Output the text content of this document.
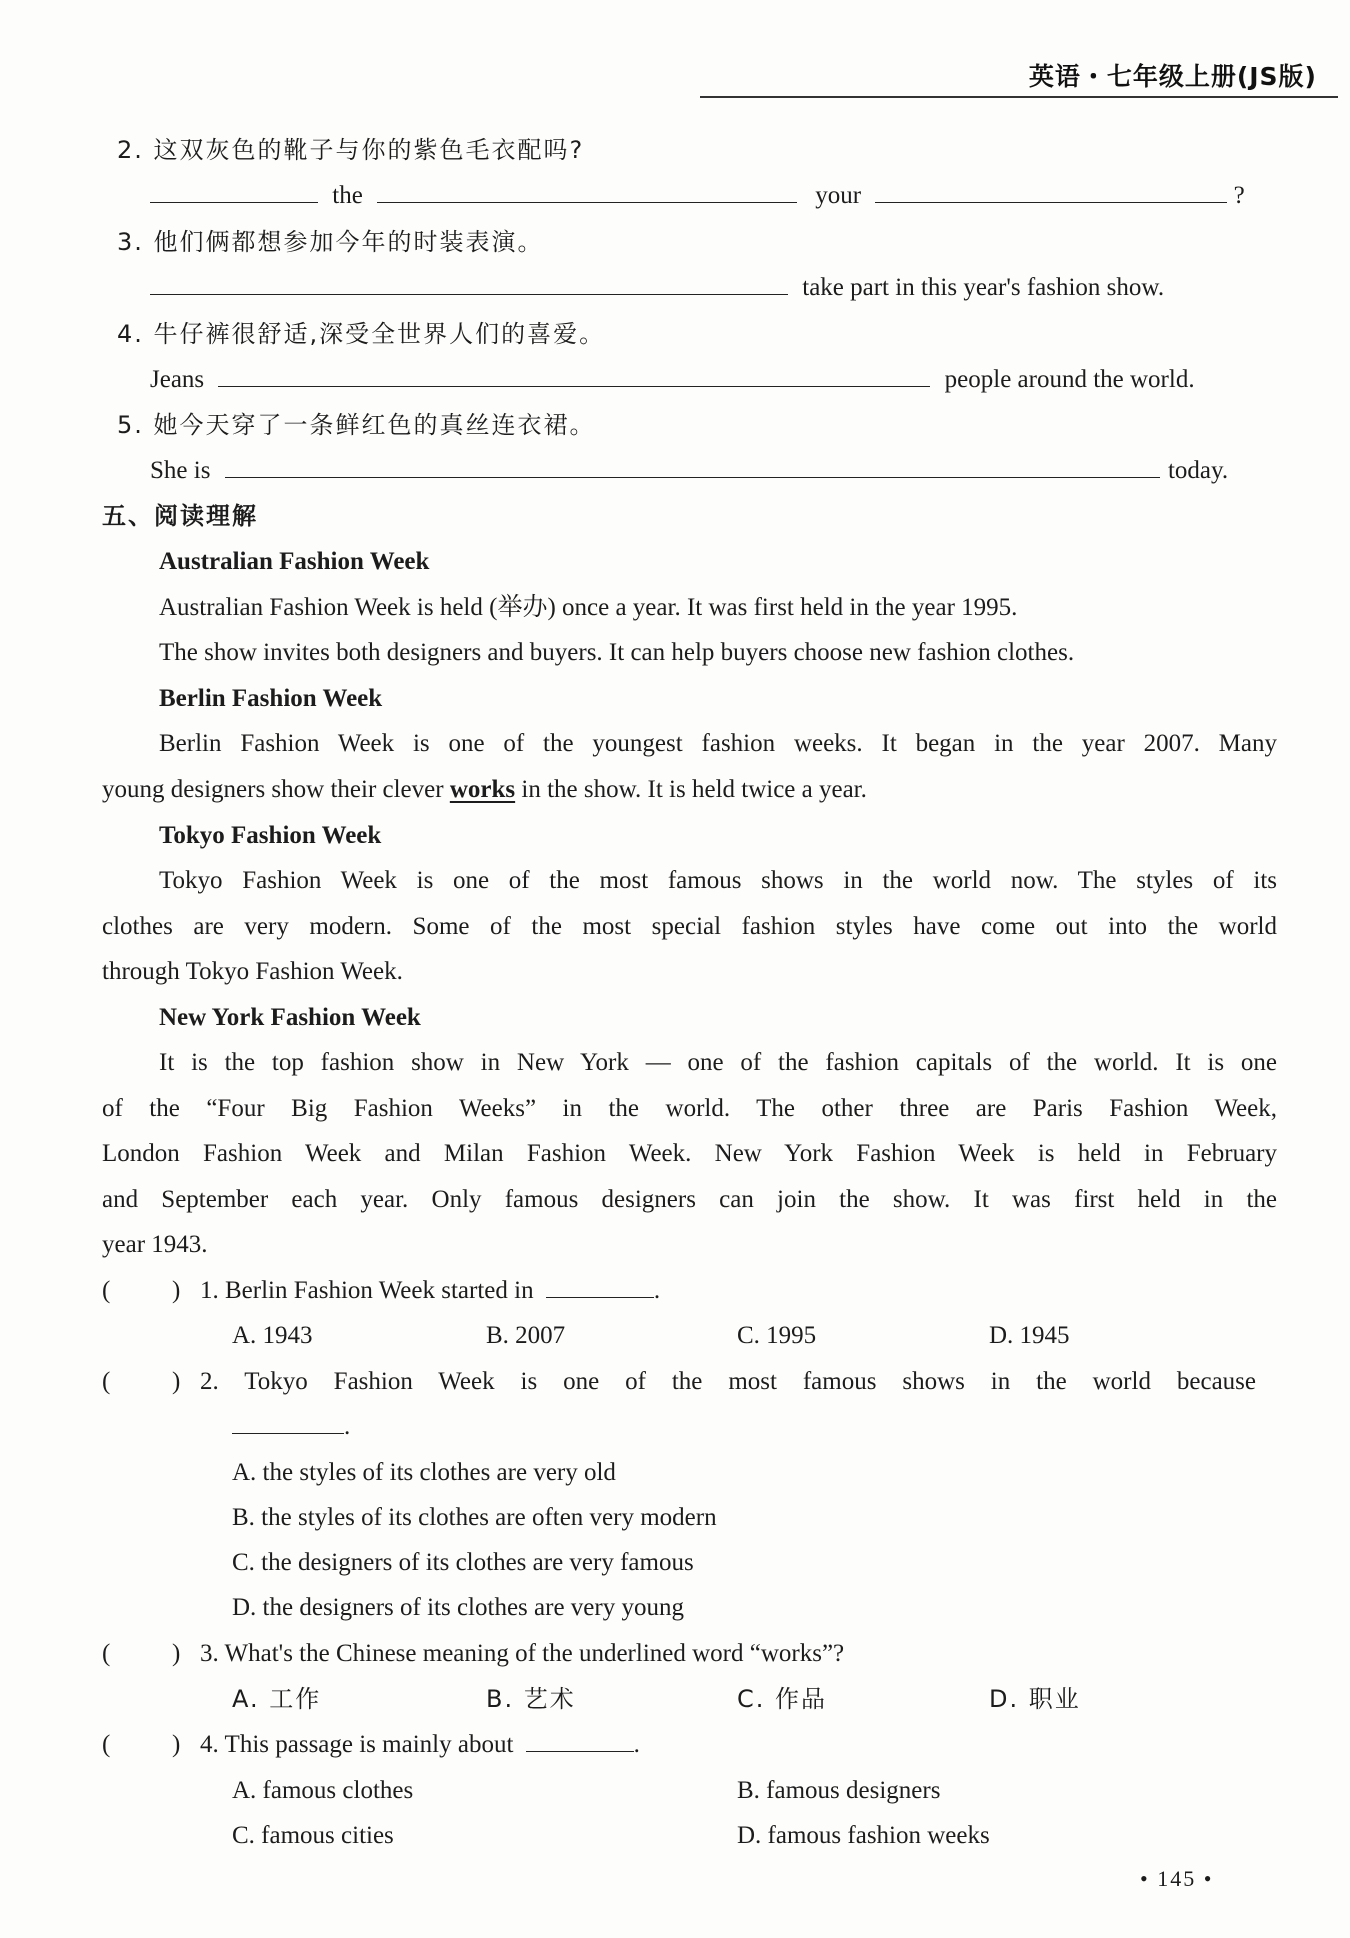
英语・七年级上册(JS版)
2. 这双灰色的靴子与你的紫色毛衣配吗?
the	your	?
3. 他们俩都想参加今年的时装表演。
take part in this year's fashion show.
4. 牛仔裤很舒适,深受全世界人们的喜爱。
Jeans	people around the world.
5. 她今天穿了一条鲜红色的真丝连衣裙。
She is	today.
五、阅读理解
Australian Fashion Week
Australian Fashion Week is held (举办) once a year. It was first held in the year 1995.
The show invites both designers and buyers. It can help buyers choose new fashion clothes.
Berlin Fashion Week
Berlin Fashion Week is one of the youngest fashion weeks. It began in the year 2007. Many
young designers show their clever works in the show. It is held twice a year.
Tokyo Fashion Week
Tokyo Fashion Week is one of the most famous shows in the world now. The styles of its
clothes are very modern. Some of the most special fashion styles have come out into the world
through Tokyo Fashion Week.
New York Fashion Week
It is the top fashion show in New York — one of the fashion capitals of the world. It is one
of the “Four Big Fashion Weeks” in the world. The other three are Paris Fashion Week,
London Fashion Week and Milan Fashion Week. New York Fashion Week is held in February
and September each year. Only famous designers can join the show. It was first held in the
year 1943.
( ) 1. Berlin Fashion Week started in	.
A. 1943	B. 2007	C. 1995	D. 1945
( ) 2. Tokyo Fashion Week is one of the most famous shows in the world because
.
A. the styles of its clothes are very old
B. the styles of its clothes are often very modern
C. the designers of its clothes are very famous
D. the designers of its clothes are very young
( ) 3. What's the Chinese meaning of the underlined word “works”?
A. 工作	B. 艺术	C. 作品	D. 职业
( ) 4. This passage is mainly about	.
A. famous clothes	B. famous designers
C. famous cities	D. famous fashion weeks
• 145 •
